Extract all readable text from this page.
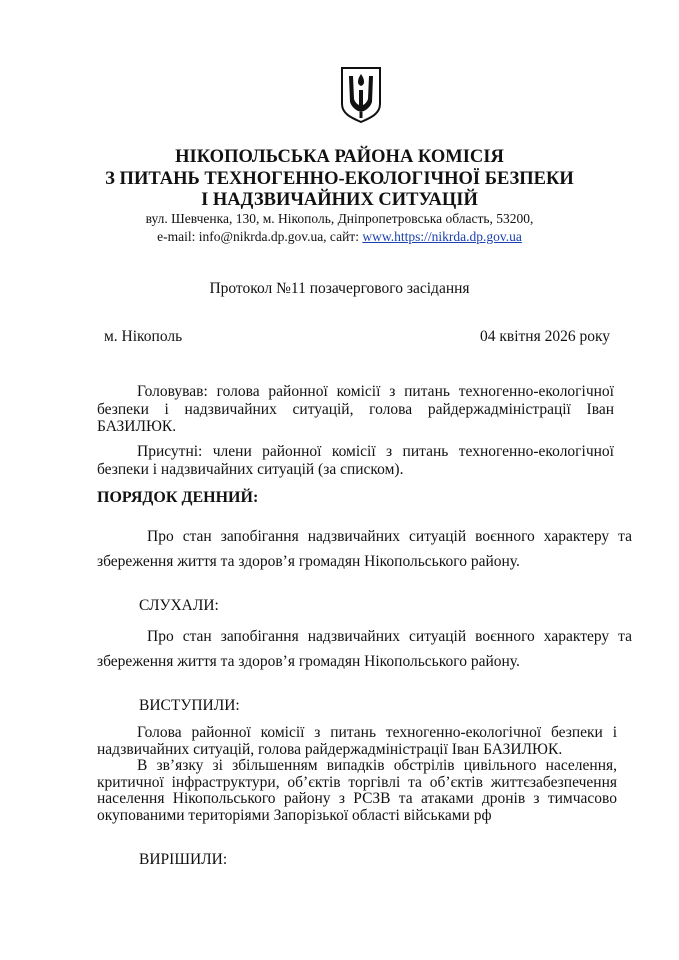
НІКОПОЛЬСЬКА РАЙОНА КОМІСІЯ
З ПИТАНЬ ТЕХНОГЕННО-ЕКОЛОГІЧНОЇ БЕЗПЕКИ
І НАДЗВИЧАЙНИХ СИТУАЦІЙ
вул. Шевченка, 130, м. Нікополь, Дніпропетровська область, 53200,
e-mail: info@nikrda.dp.gov.ua, сайт: www.https://nikrda.dp.gov.ua
Протокол №11 позачергового засідання
м. Нікополь	04 квітня 2026 року
Головував: голова районної комісії з питань техногенно-екологічної безпеки і надзвичайних ситуацій, голова райдержадміністрації Іван БАЗИЛЮК.
Присутні: члени районної комісії з питань техногенно-екологічної безпеки і надзвичайних ситуацій (за списком).
ПОРЯДОК ДЕННИЙ:
Про стан запобігання надзвичайних ситуацій воєнного характеру та збереження життя та здоров’я громадян Нікопольського району.
СЛУХАЛИ:
Про стан запобігання надзвичайних ситуацій воєнного характеру та збереження життя та здоров’я громадян Нікопольського району.
ВИСТУПИЛИ:
Голова районної комісії з питань техногенно-екологічної безпеки і надзвичайних ситуацій, голова райдержадміністрації Іван БАЗИЛЮК.
В зв’язку зі збільшенням випадків обстрілів цивільного населення, критичної інфраструктури, об’єктів торгівлі та об’єктів життєзабезпечення населення Нікопольського району з РСЗВ та атаками дронів з тимчасово окупованими територіями Запорізької області військами рф
ВИРІШИЛИ:
